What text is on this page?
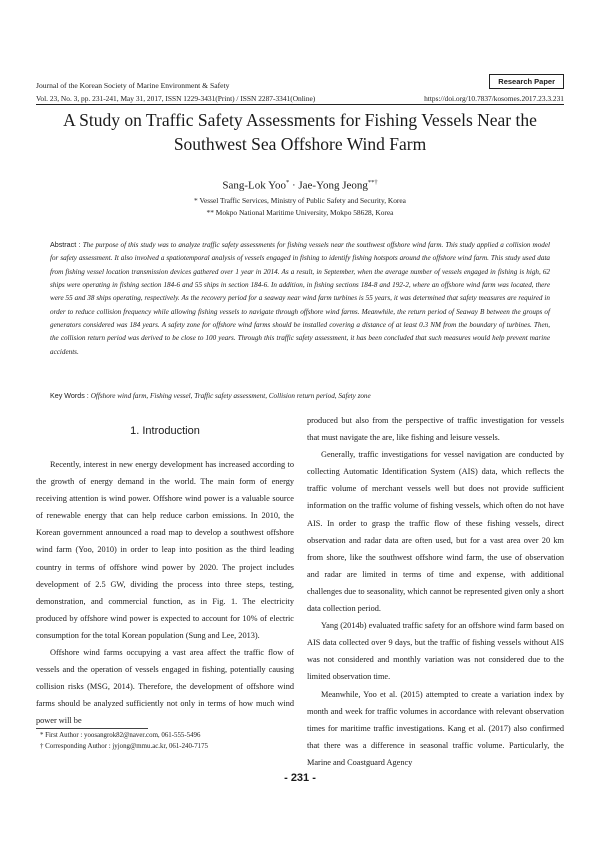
Journal of the Korean Society of Marine Environment & Safety
Vol. 23, No. 3, pp. 231-241, May 31, 2017, ISSN 1229-3431(Print) / ISSN 2287-3341(Online)
Research Paper
https://doi.org/10.7837/kosomes.2017.23.3.231
A Study on Traffic Safety Assessments for Fishing Vessels Near the Southwest Sea Offshore Wind Farm
Sang-Lok Yoo* · Jae-Yong Jeong**†
* Vessel Traffic Services, Ministry of Public Safety and Security, Korea
** Mokpo National Maritime University, Mokpo 58628, Korea
Abstract : The purpose of this study was to analyze traffic safety assessments for fishing vessels near the southwest offshore wind farm. This study applied a collision model for safety assessment. It also involved a spatiotemporal analysis of vessels engaged in fishing to identify fishing hotspots around the offshore wind farm. This study used data from fishing vessel location transmission devices gathered over 1 year in 2014. As a result, in September, when the average number of vessels engaged in fishing is high, 62 ships were operating in fishing section 184-6 and 55 ships in section 184-6. In addition, in fishing sections 184-8 and 192-2, where an offshore wind farm was located, there were 55 and 38 ships operating, respectively. As the recovery period for a seaway near wind farm turbines is 55 years, it was determined that safety measures are required in order to reduce collision frequency while allowing fishing vessels to navigate through offshore wind farms. Meanwhile, the return period of Seaway B between the groups of generators considered was 184 years. A safety zone for offshore wind farms should be installed covering a distance of at least 0.3 NM from the boundary of turbines. Then, the collision return period was derived to be close to 100 years. Through this traffic safety assessment, it has been concluded that such measures would help prevent marine accidents.
Key Words : Offshore wind farm, Fishing vessel, Traffic safety assessment, Collision return period, Safety zone
1. Introduction

Recently, interest in new energy development has increased according to the growth of energy demand in the world. The main form of energy receiving attention is wind power. Offshore wind power is a valuable source of renewable energy that can help reduce carbon emissions. In 2010, the Korean government announced a road map to develop a southwest offshore wind farm (Yoo, 2010) in order to leap into position as the third leading country in terms of offshore wind power by 2020. The project includes development of 2.5 GW, dividing the process into three steps, testing, demonstration, and commercial function, as in Fig. 1. The electricity produced by offshore wind power is expected to account for 10% of electric consumption for the total Korean population (Sung and Lee, 2013).

Offshore wind farms occupying a vast area affect the traffic flow of vessels and the operation of vessels engaged in fishing, potentially causing collision risks (MSG, 2014). Therefore, the development of offshore wind farms should be analyzed sufficiently not only in terms of how much wind power will be

produced but also from the perspective of traffic investigation for vessels that must navigate the are, like fishing and leisure vessels.

Generally, traffic investigations for vessel navigation are conducted by collecting Automatic Identification System (AIS) data, which reflects the traffic volume of merchant vessels well but does not provide sufficient information on the traffic volume of fishing vessels, which often do not have AIS. In order to grasp the traffic flow of these fishing vessels, direct observation and radar data are often used, but for a vast area over 20 km from shore, like the southwest offshore wind farm, the use of observation and radar are limited in terms of time and expense, with additional challenges due to seasonality, which cannot be represented given only a short data collection period.

Yang (2014b) evaluated traffic safety for an offshore wind farm based on AIS data collected over 9 days, but the traffic of fishing vessels without AIS was not considered and monthly variation was not considered due to the limited observation time.

Meanwhile, Yoo et al. (2015) attempted to create a variation index by month and week for traffic volumes in accordance with relevant observation times for maritime traffic investigations. Kang et al. (2017) also confirmed that there was a difference in seasonal traffic volume. Particularly, the Marine and Coastguard Agency

* First Author : yoosangrok82@naver.com, 061-555-5496
† Corresponding Author : jyjong@mmu.ac.kr, 061-240-7175
- 231 -
